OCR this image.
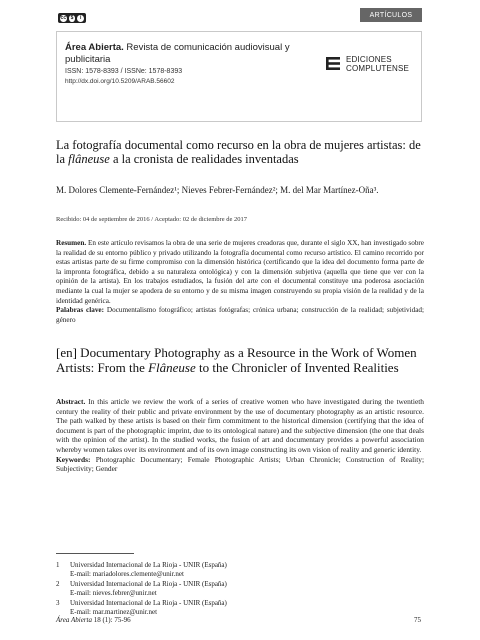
cc $	i	ARTÍCULOS
Área Abierta. Revista de comunicación audiovisual y publicitaria
ISSN: 1578-8393 / ISSNe: 1578-8393
http://dx.doi.org/10.5209/ARAB.56602
EDICIONES
COMPLUTENSE
La fotografía documental como recurso en la obra de mujeres artistas: de la flâneuse a la cronista de realidades inventadas
M. Dolores Clemente-Fernández¹; Nieves Febrer-Fernández²; M. del Mar Martínez-Oña³.
Recibido: 04 de septiembre de 2016 / Aceptado: 02 de diciembre de 2017
Resumen. En este artículo revisamos la obra de una serie de mujeres creadoras que, durante el siglo XX, han investigado sobre la realidad de su entorno público y privado utilizando la fotografía documental como recurso artístico. El camino recorrido por estas artistas parte de su firme compromiso con la dimensión histórica (certificando que la idea del documento forma parte de la impronta fotográfica, debido a su naturaleza ontológica) y con la dimensión subjetiva (aquella que tiene que ver con la opinión de la artista). En los trabajos estudiados, la fusión del arte con el documental constituye una poderosa asociación mediante la cual la mujer se apodera de su entorno y de su misma imagen construyendo su propia visión de la realidad y de la identidad genérica.
Palabras clave: Documentalismo fotográfico; artistas fotógrafas; crónica urbana; construcción de la realidad; subjetividad; género
[en] Documentary Photography as a Resource in the Work of Women Artists: From the Flâneuse to the Chronicler of Invented Realities
Abstract. In this article we review the work of a series of creative women who have investigated during the twentieth century the reality of their public and private environment by the use of documentary photography as an artistic resource. The path walked by these artists is based on their firm commitment to the historical dimension (certifying that the idea of document is part of the photographic imprint, due to its ontological nature) and the subjective dimension (the one that deals with the opinion of the artist). In the studied works, the fusion of art and documentary provides a powerful association whereby women takes over its environment and of its own image constructing its own vision of reality and generic identity.
Keywords: Photographic Documentary; Female Photographic Artists; Urban Chronicle; Construction of Reality; Subjectivity; Gender
1 Universidad Internacional de La Rioja - UNIR (España)
E-mail: mariadolores.clemente@unir.net
2 Universidad Internacional de La Rioja - UNIR (España)
E-mail: nieves.febrer@unir.net
3 Universidad Internacional de La Rioja - UNIR (España)
E-mail: mar.martinez@unir.net
Área Abierta 18 (1): 75-96	75
